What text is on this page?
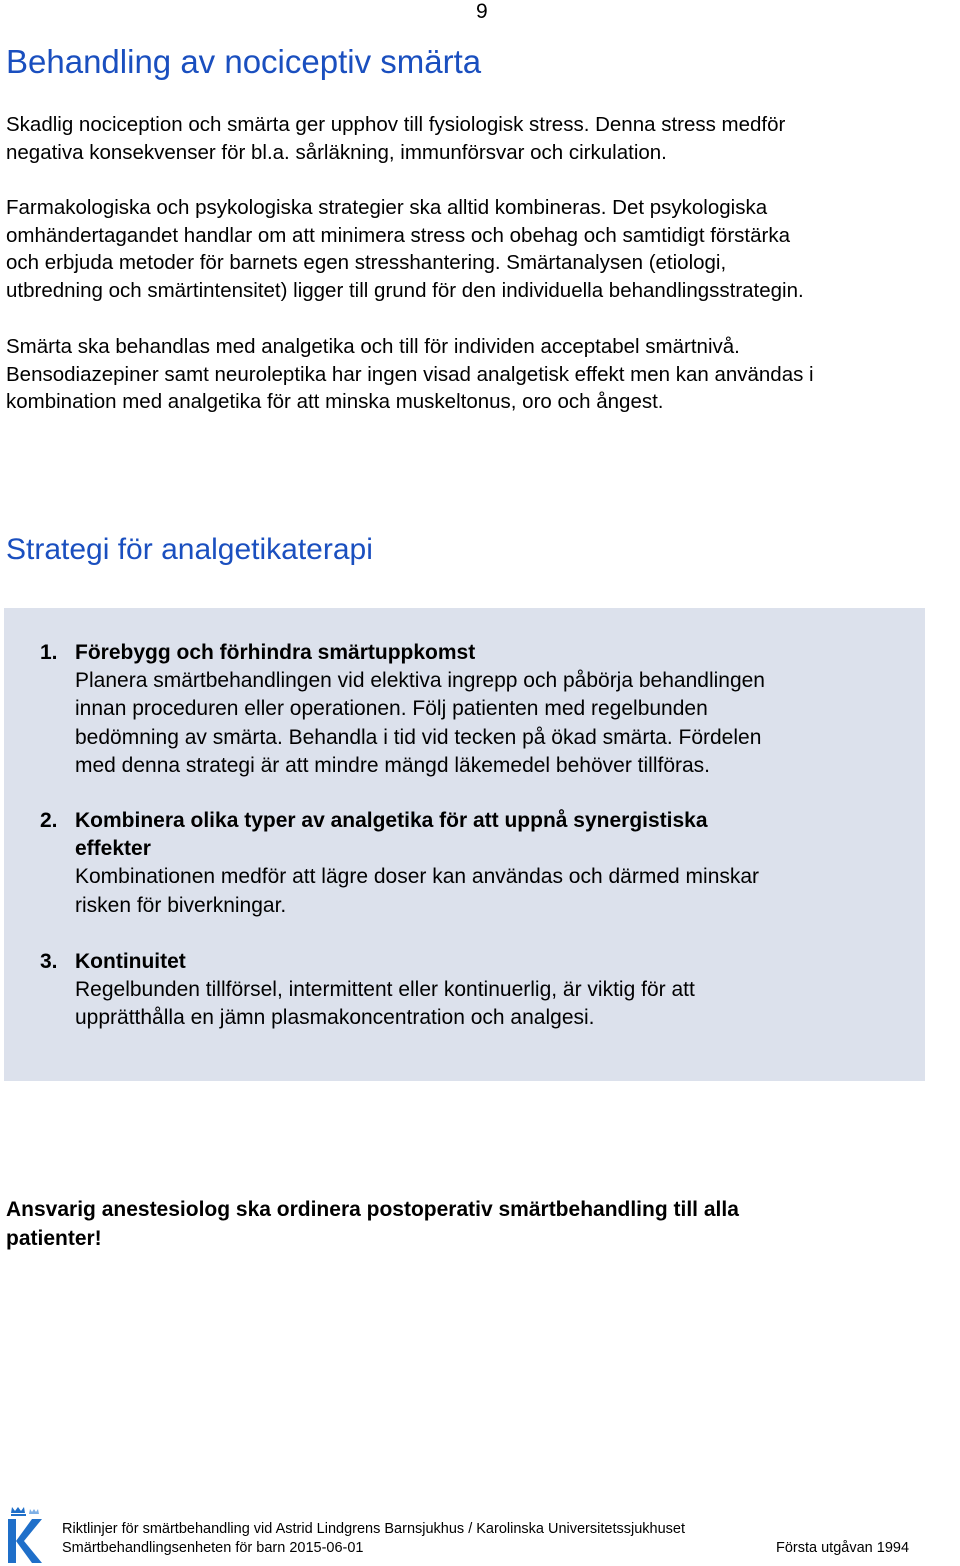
9
Behandling av nociceptiv smärta
Skadlig nociception och smärta ger upphov till fysiologisk stress. Denna stress medför
negativa konsekvenser för bl.a. sårläkning, immunförsvar och cirkulation.
Farmakologiska och psykologiska strategier ska alltid kombineras. Det psykologiska
omhändertagandet handlar om att minimera stress och obehag och samtidigt förstärka
och erbjuda metoder för barnets egen stresshantering. Smärtanalysen (etiologi,
utbredning och smärtintensitet) ligger till grund för den individuella behandlingsstrategin.
Smärta ska behandlas med analgetika och till för individen acceptabel smärtnivå.
Bensodiazepiner samt neuroleptika har ingen visad analgetisk effekt men kan användas i
kombination med analgetika för att minska muskeltonus, oro och ångest.
Strategi för analgetikaterapi
1. Förebygg och förhindra smärtuppkomst
Planera smärtbehandlingen vid elektiva ingrepp och påbörja behandlingen
innan proceduren eller operationen. Följ patienten med regelbunden
bedömning av smärta. Behandla i tid vid tecken på ökad smärta. Fördelen
med denna strategi är att mindre mängd läkemedel behöver tillföras.
2. Kombinera olika typer av analgetika för att uppnå synergistiska
effekter
Kombinationen medför att lägre doser kan användas och därmed minskar
risken för biverkningar.
3. Kontinuitet
Regelbunden tillförsel, intermittent eller kontinuerlig, är viktig för att
upprätthålla en jämn plasmakoncentration och analgesi.
Ansvarig anestesiolog ska ordinera postoperativ smärtbehandling till alla
patienter!
K
Riktlinjer för smärtbehandling vid Astrid Lindgrens Barnsjukhus / Karolinska Universitetssjukhuset
Smärtbehandlingsenheten för barn 2015-06-01	Första utgåvan 1994
